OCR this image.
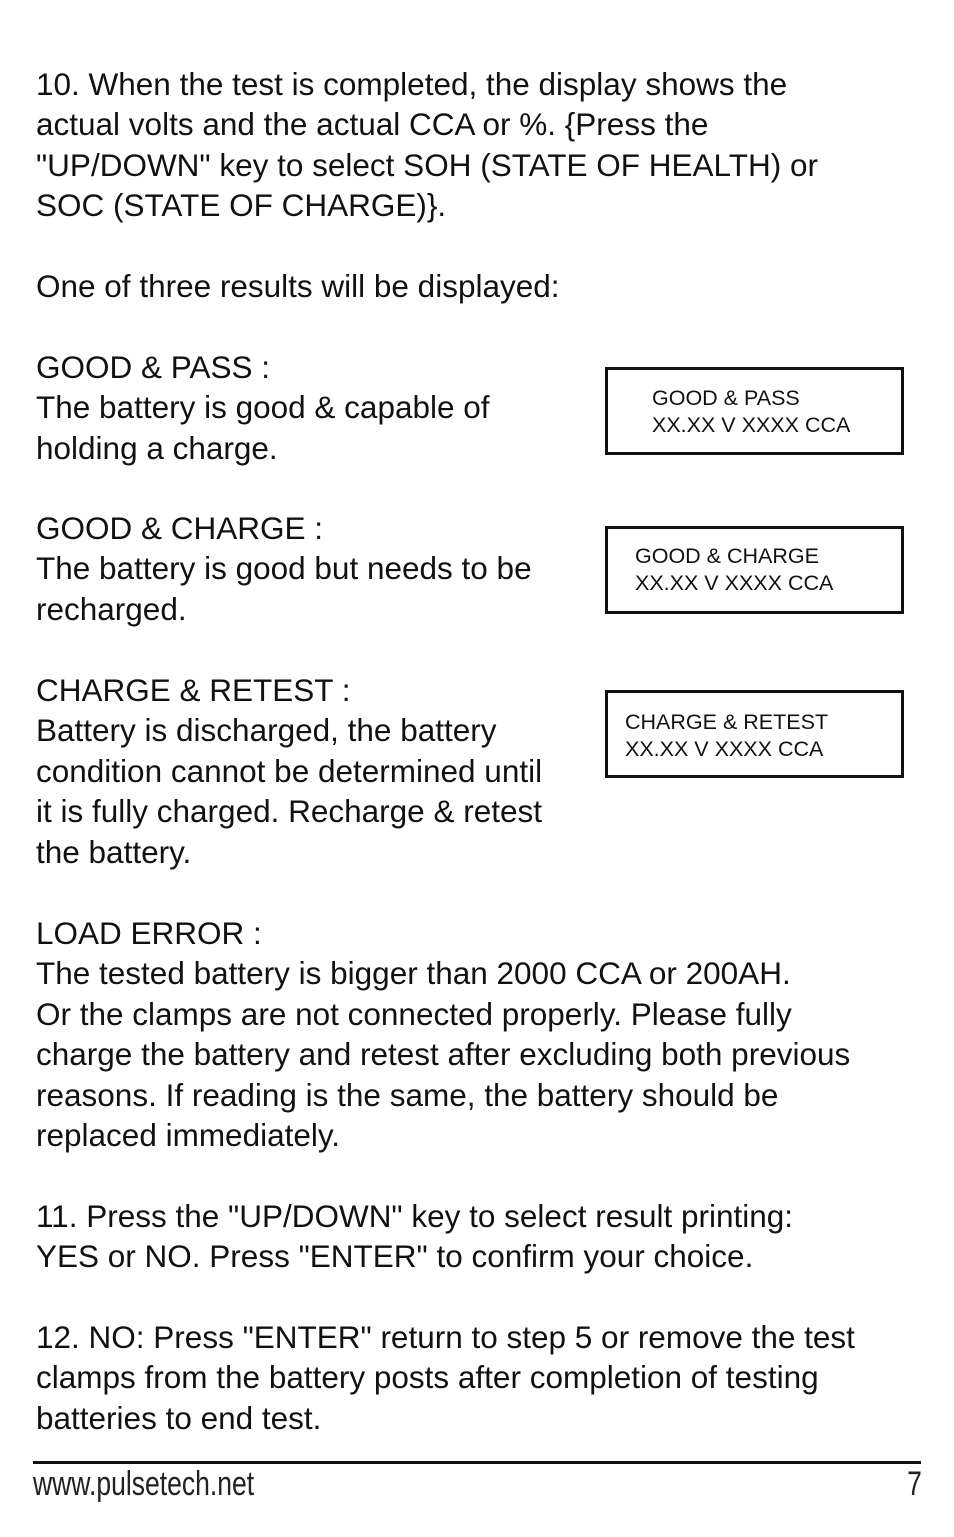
10. When the test is completed, the display shows the
actual volts and the actual CCA or %. {Press the
"UP/DOWN" key to select SOH (STATE OF HEALTH) or
SOC (STATE OF CHARGE)}.
One of three results will be displayed:
GOOD & PASS :
The battery is good & capable of
holding a charge.
GOOD & PASS
XX.XX V XXXX CCA
GOOD & CHARGE :
The battery is good but needs to be
recharged.
GOOD & CHARGE
XX.XX V XXXX CCA
CHARGE & RETEST :
Battery is discharged, the battery
condition cannot be determined until
it is fully charged. Recharge & retest
the battery.
CHARGE & RETEST
XX.XX V XXXX CCA
LOAD ERROR :
The tested battery is bigger than 2000 CCA or 200AH.
Or the clamps are not connected properly. Please fully
charge the battery and retest after excluding both previous
reasons. If reading is the same, the battery should be
replaced immediately.
11. Press the "UP/DOWN" key to select result printing:
YES or NO. Press "ENTER" to confirm your choice.
12. NO: Press "ENTER" return to step 5 or remove the test
clamps from the battery posts after completion of testing
batteries to end test.
www.pulsetech.net	7
